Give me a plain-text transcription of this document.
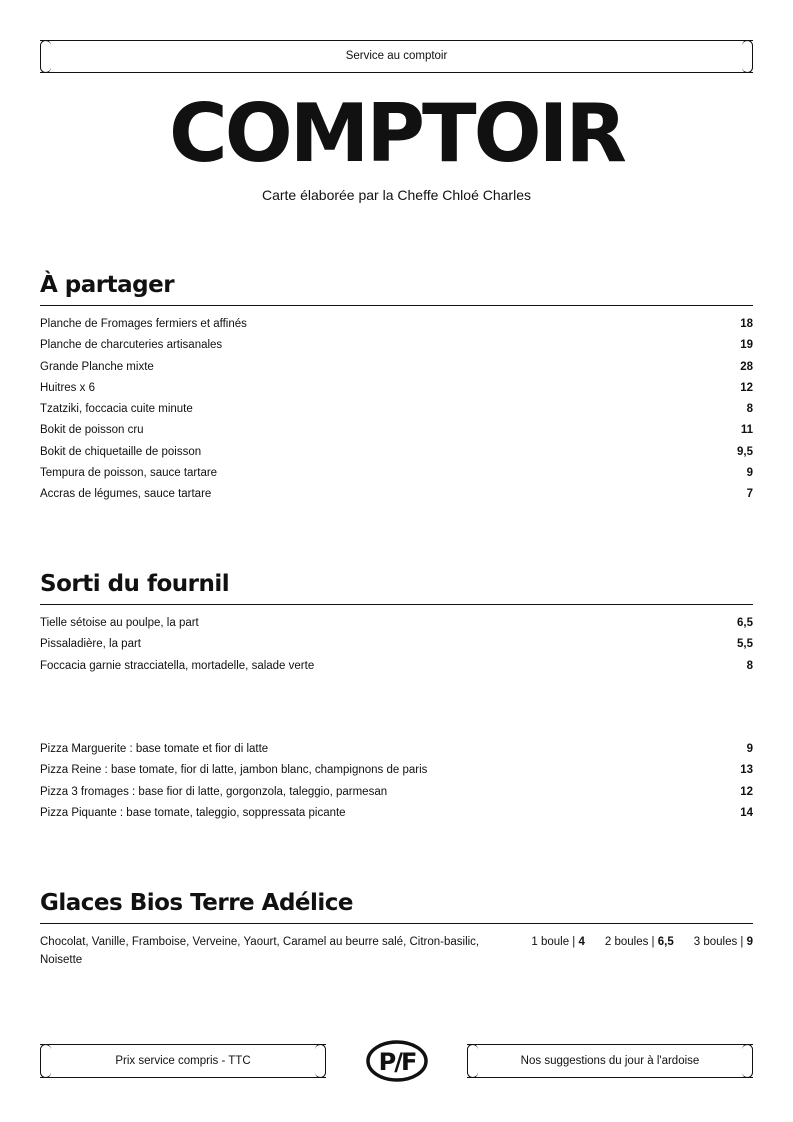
Service au comptoir
COMPTOIR

Carte élaborée par la Cheffe Chloé Charles

À partager
Planche de Fromages fermiers et affinés	18
Planche de charcuteries artisanales	19
Grande Planche mixte	28
Huitres x 6	12
Tzatziki, foccacia cuite minute	8
Bokit de poisson cru	11
Bokit de chiquetaille de poisson	9,5
Tempura de poisson, sauce tartare	9
Accras de légumes, sauce tartare	7
Sorti du fournil
Tielle sétoise au poulpe, la part	6,5
Pissaladière, la part	5,5
Foccacia garnie stracciatella, mortadelle, salade verte	8
Pizza Marguerite : base tomate et fior di latte	9
Pizza Reine : base tomate, fior di latte, jambon blanc, champignons de paris	13
Pizza 3 fromages : base fior di latte, gorgonzola, taleggio, parmesan	12
Pizza Piquante : base tomate, taleggio, soppressata picante	14
Glaces Bios Terre Adélice

Chocolat, Vanille, Framboise, Verveine, Yaourt, Caramel au beurre salé, Citron-basilic, Noisette

1 boule | 4 2 boules | 6,5 3 boules | 9
Prix service compris - TTC	P/F	Nos suggestions du jour à l'ardoise
